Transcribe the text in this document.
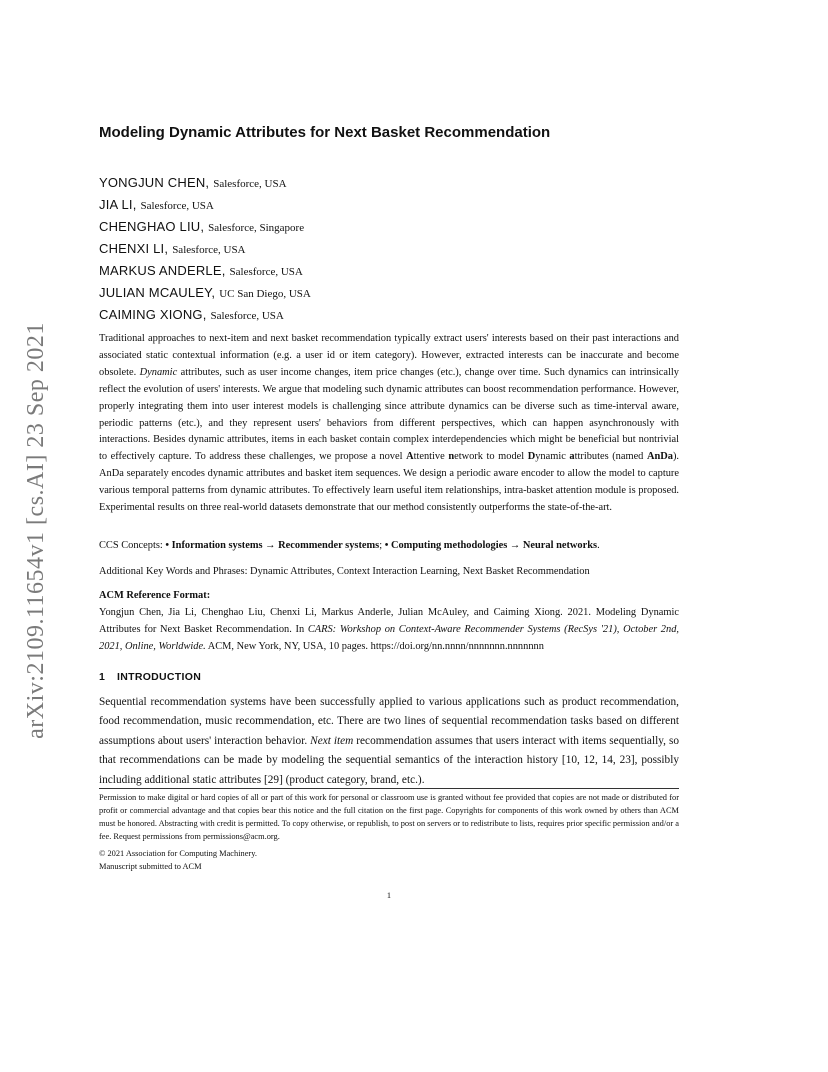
arXiv:2109.11654v1 [cs.AI] 23 Sep 2021
Modeling Dynamic Attributes for Next Basket Recommendation
YONGJUN CHEN, Salesforce, USA
JIA LI, Salesforce, USA
CHENGHAO LIU, Salesforce, Singapore
CHENXI LI, Salesforce, USA
MARKUS ANDERLE, Salesforce, USA
JULIAN MCAULEY, UC San Diego, USA
CAIMING XIONG, Salesforce, USA

Traditional approaches to next-item and next basket recommendation typically extract users' interests based on their past interactions and associated static contextual information (e.g. a user id or item category). However, extracted interests can be inaccurate and become obsolete. Dynamic attributes, such as user income changes, item price changes (etc.), change over time. Such dynamics can intrinsically reflect the evolution of users' interests. We argue that modeling such dynamic attributes can boost recommendation performance. However, properly integrating them into user interest models is challenging since attribute dynamics can be diverse such as time-interval aware, periodic patterns (etc.), and they represent users' behaviors from different perspectives, which can happen asynchronously with interactions. Besides dynamic attributes, items in each basket contain complex interdependencies which might be beneficial but nontrivial to effectively capture. To address these challenges, we propose a novel Attentive network to model Dynamic attributes (named AnDa). AnDa separately encodes dynamic attributes and basket item sequences. We design a periodic aware encoder to allow the model to capture various temporal patterns from dynamic attributes. To effectively learn useful item relationships, intra-basket attention module is proposed. Experimental results on three real-world datasets demonstrate that our method consistently outperforms the state-of-the-art.

CCS Concepts: • Information systems → Recommender systems; • Computing methodologies → Neural networks.

Additional Key Words and Phrases: Dynamic Attributes, Context Interaction Learning, Next Basket Recommendation

ACM Reference Format:

Yongjun Chen, Jia Li, Chenghao Liu, Chenxi Li, Markus Anderle, Julian McAuley, and Caiming Xiong. 2021. Modeling Dynamic Attributes for Next Basket Recommendation. In CARS: Workshop on Context-Aware Recommender Systems (RecSys '21), October 2nd, 2021, Online, Worldwide. ACM, New York, NY, USA, 10 pages. https://doi.org/nn.nnnn/nnnnnnn.nnnnnnn

1 INTRODUCTION

Sequential recommendation systems have been successfully applied to various applications such as product recommendation, food recommendation, music recommendation, etc. There are two lines of sequential recommendation tasks based on different assumptions about users' interaction behavior. Next item recommendation assumes that users interact with items sequentially, so that recommendations can be made by modeling the sequential semantics of the interaction history [10, 12, 14, 23], possibly including additional static attributes [29] (product category, brand, etc.).

Permission to make digital or hard copies of all or part of this work for personal or classroom use is granted without fee provided that copies are not made or distributed for profit or commercial advantage and that copies bear this notice and the full citation on the first page. Copyrights for components of this work owned by others than ACM must be honored. Abstracting with credit is permitted. To copy otherwise, or republish, to post on servers or to redistribute to lists, requires prior specific permission and/or a fee. Request permissions from permissions@acm.org.

© 2021 Association for Computing Machinery.

Manuscript submitted to ACM

1
